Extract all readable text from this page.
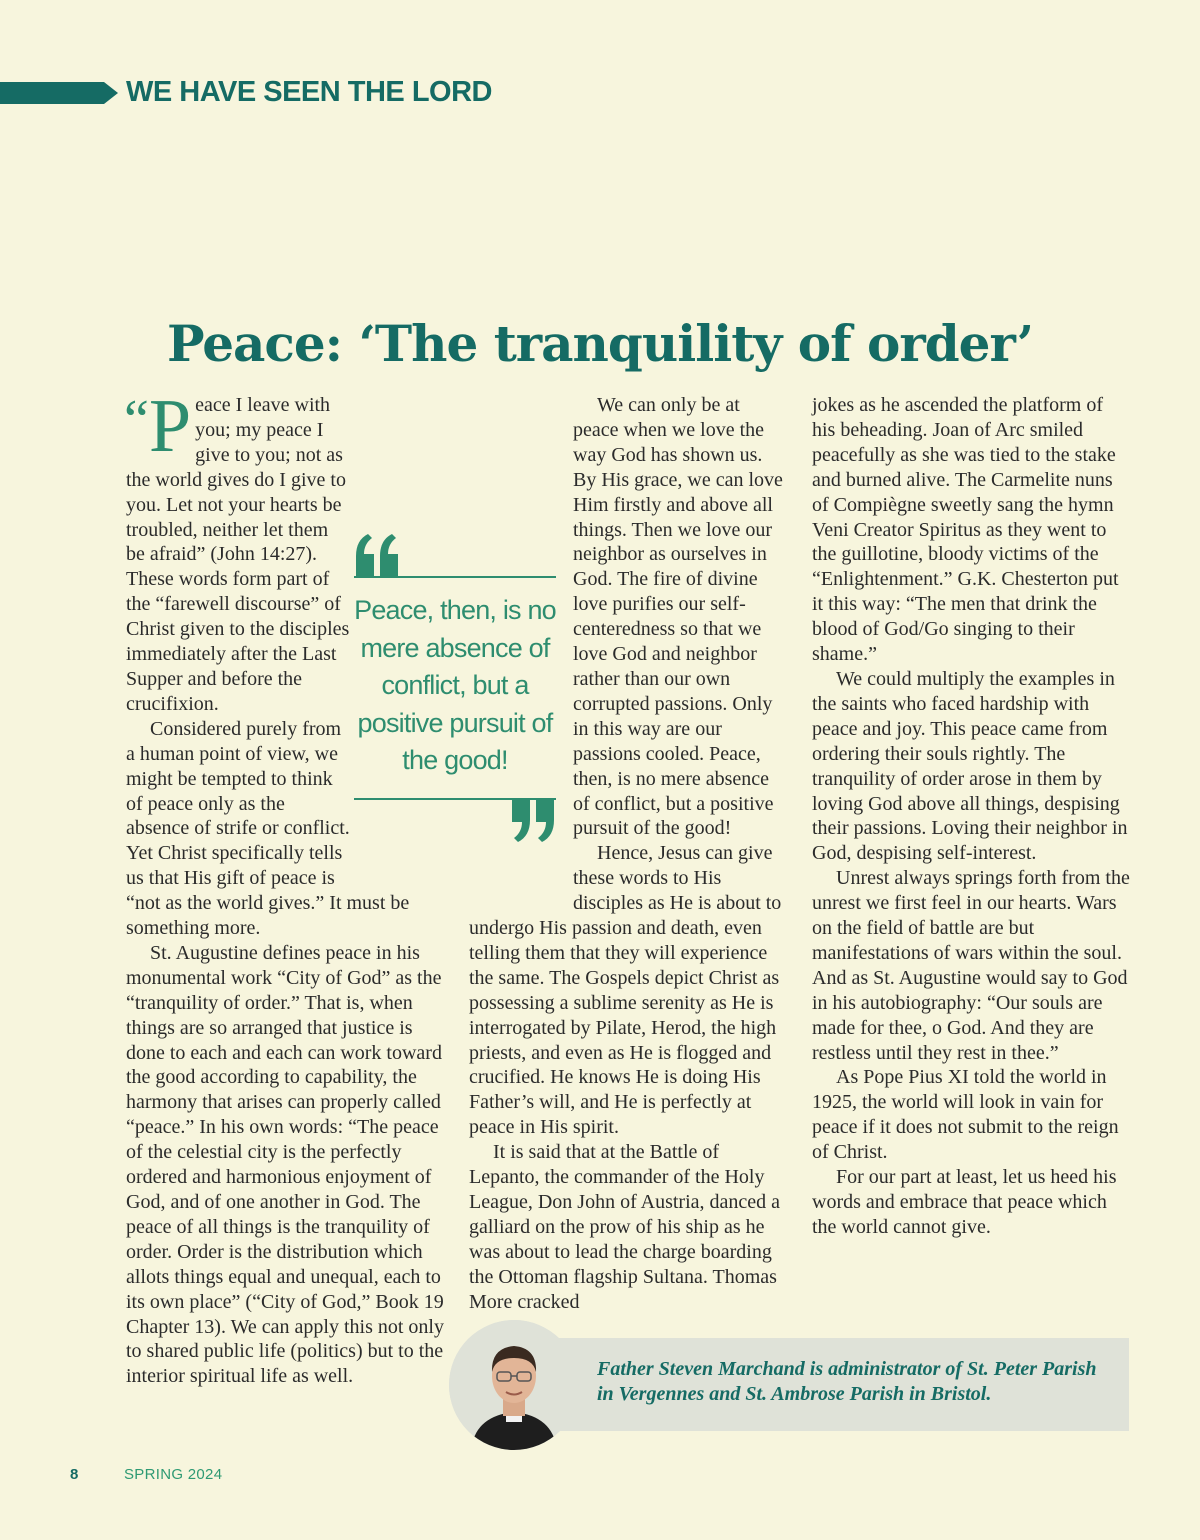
WE HAVE SEEN THE LORD
Peace: ‘The tranquility of order’

“P eace I leave with you; my peace I give to you; not as the world gives do I give to you. Let not your hearts be troubled, neither let them be afraid” (John 14:27). These words form part of the “farewell discourse” of Christ given to the disciples immediately after the Last Supper and before the crucifixion.

Considered purely from a human point of view, we might be tempted to think of peace only as the absence of strife or conflict. Yet Christ specifically tells us that His gift of peace is “not as the world gives.” It must be something more.

St. Augustine defines peace in his monumental work “City of God” as the “tranquility of order.” That is, when things are so arranged that justice is done to each and each can work toward the good according to capability, the harmony that arises can properly called “peace.” In his own words: “The peace of the celestial city is the perfectly ordered and harmonious enjoyment of God, and of one another in God. The peace of all things is the tranquility of order. Order is the distribution which allots things equal and unequal, each to its own place” (“City of God,” Book 19 Chapter 13). We can apply this not only to shared public life (politics) but to the interior spiritual life as well.

We can only be at peace when we love the way God has shown us. By His grace, we can love Him firstly and above all things. Then we love our neighbor as ourselves in God. The fire of divine love purifies our self-centeredness so that we love God and neighbor rather than our own corrupted passions. Only in this way are our passions cooled. Peace, then, is no mere absence of conflict, but a positive pursuit of the good!

Hence, Jesus can give these words to His disciples as He is about to undergo His passion and death, even telling them that they will experience the same. The Gospels depict Christ as possessing a sublime serenity as He is interrogated by Pilate, Herod, the high priests, and even as He is flogged and crucified. He knows He is doing His Father’s will, and He is perfectly at peace in His spirit.

It is said that at the Battle of Lepanto, the commander of the Holy League, Don John of Austria, danced a galliard on the prow of his ship as he was about to lead the charge boarding the Ottoman flagship Sultana. Thomas More cracked

jokes as he ascended the platform of his beheading. Joan of Arc smiled peacefully as she was tied to the stake and burned alive. The Carmelite nuns of Compiègne sweetly sang the hymn Veni Creator Spiritus as they went to the guillotine, bloody victims of the “Enlightenment.” G.K. Chesterton put it this way: “The men that drink the blood of God/Go singing to their shame.”

We could multiply the examples in the saints who faced hardship with peace and joy. This peace came from ordering their souls rightly. The tranquility of order arose in them by loving God above all things, despising their passions. Loving their neighbor in God, despising self-interest.

Unrest always springs forth from the unrest we first feel in our hearts. Wars on the field of battle are but manifestations of wars within the soul. And as St. Augustine would say to God in his autobiography: “Our souls are made for thee, o God. And they are restless until they rest in thee.”

As Pope Pius XI told the world in 1925, the world will look in vain for peace if it does not submit to the reign of Christ.

For our part at least, let us heed his words and embrace that peace which the world cannot give.

Peace, then, is no mere absence of conflict, but a positive pursuit of the good!
Father Steven Marchand is administrator of St. Peter Parish in Vergennes and St. Ambrose Parish in Bristol.
8	SPRING 2024
